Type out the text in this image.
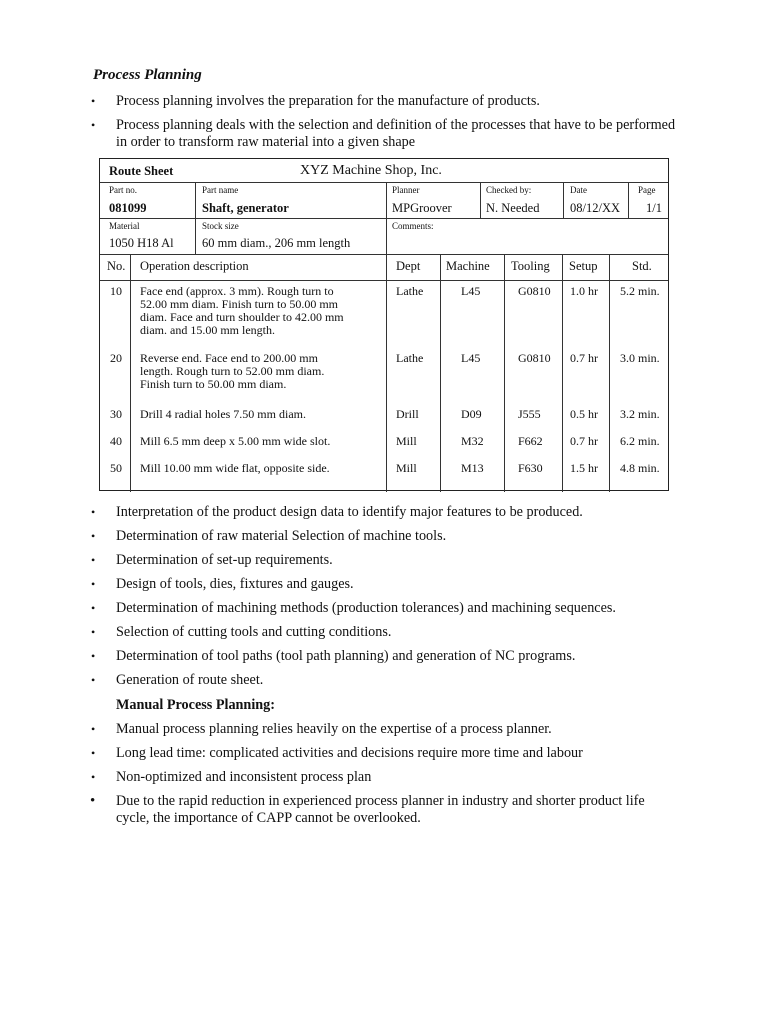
Process Planning
• Process planning involves the preparation for the manufacture of products.
• Process planning deals with the selection and definition of the processes that have to be performed in order to transform raw material into a given shape
Route Sheet	XYZ Machine Shop, Inc.
Part no.
081099
Part name
Shaft, generator
Planner
MPGroover
Checked by:
N. Needed
Date
08/12/XX
Page
1/1
Material
1050 H18 Al
Stock size
60 mm diam., 206 mm length
Comments:
No. Operation description	Dept Machine Tooling Setup	Std.
10 Face end (approx. 3 mm). Rough turn to
52.00 mm diam. Finish turn to 50.00 mm
diam. Face and turn shoulder to 42.00 mm
diam. and 15.00 mm length.
Lathe	L45	G0810 1.0 hr 5.2 min.
20 Reverse end. Face end to 200.00 mm
length. Rough turn to 52.00 mm diam.
Finish turn to 50.00 mm diam.
Lathe	L45	G0810 0.7 hr 3.0 min.
30 Drill 4 radial holes 7.50 mm diam.	Drill	D09	J555 0.5 hr 3.2 min.
40 Mill 6.5 mm deep x 5.00 mm wide slot.	Mill	M32	F662 0.7 hr 6.2 min.
50 Mill 10.00 mm wide flat, opposite side.	Mill	M13	F630 1.5 hr 4.8 min.
• Interpretation of the product design data to identify major features to be produced.
• Determination of raw material Selection of machine tools.
• Determination of set-up requirements.
• Design of tools, dies, fixtures and gauges.
• Determination of machining methods (production tolerances) and machining sequences.
• Selection of cutting tools and cutting conditions.
• Determination of tool paths (tool path planning) and generation of NC programs.
• Generation of route sheet.
Manual Process Planning:
• Manual process planning relies heavily on the expertise of a process planner.
• Long lead time: complicated activities and decisions require more time and labour
• Non-optimized and inconsistent process plan
• Due to the rapid reduction in experienced process planner in industry and shorter product life cycle, the importance of CAPP cannot be overlooked.
